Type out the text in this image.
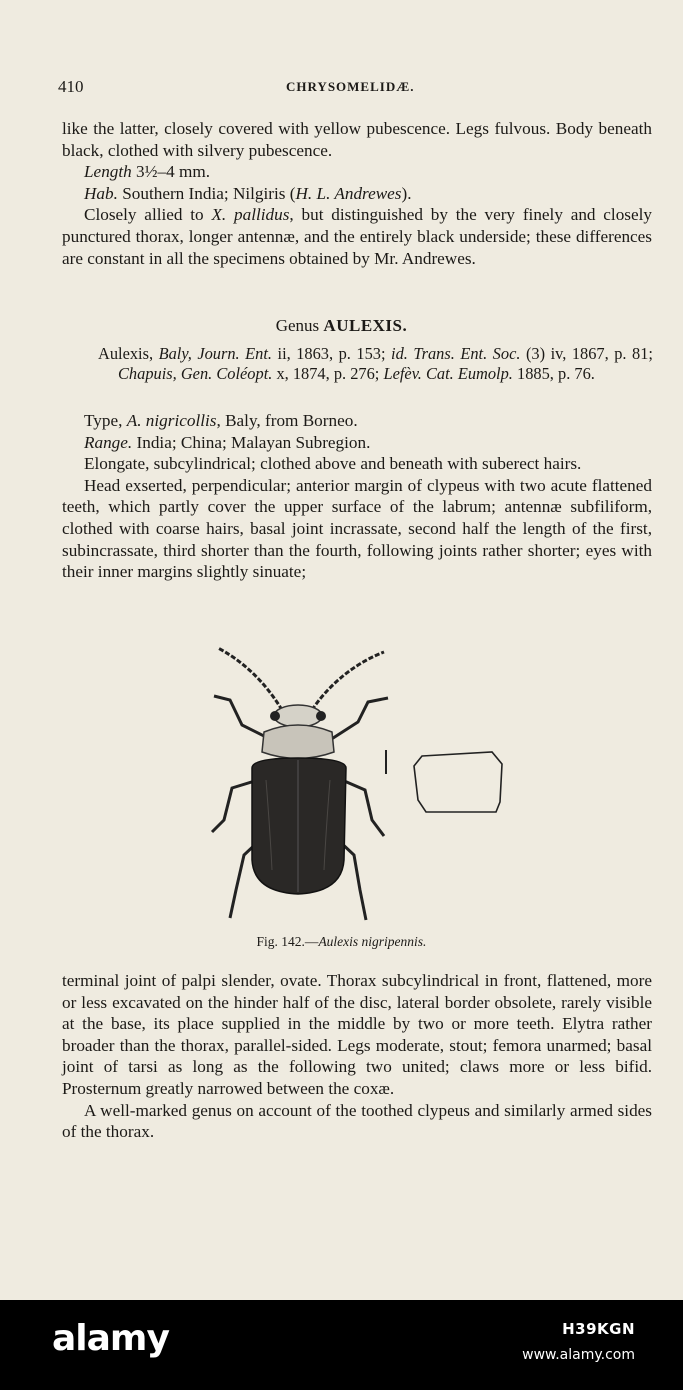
410	CHRYSOMELIDÆ.

like the latter, closely covered with yellow pubescence. Legs fulvous. Body beneath black, clothed with silvery pubescence.

Length 3½–4 mm.

Hab. Southern India; Nilgiris (H. L. Andrewes).

Closely allied to X. pallidus, but distinguished by the very finely and closely punctured thorax, longer antennæ, and the entirely black underside; these differences are constant in all the specimens obtained by Mr. Andrewes.

Genus AULEXIS.

Aulexis, Baly, Journ. Ent. ii, 1863, p. 153; id. Trans. Ent. Soc. (3) iv, 1867, p. 81; Chapuis, Gen. Coléopt. x, 1874, p. 276; Lefèv. Cat. Eumolp. 1885, p. 76.

Type, A. nigricollis, Baly, from Borneo.

Range. India; China; Malayan Subregion.

Elongate, subcylindrical; clothed above and beneath with suberect hairs.

Head exserted, perpendicular; anterior margin of clypeus with two acute flattened teeth, which partly cover the upper surface of the labrum; antennæ subfiliform, clothed with coarse hairs, basal joint incrassate, second half the length of the first, subincrassate, third shorter than the fourth, following joints rather shorter; eyes with their inner margins slightly sinuate;

Fig. 142.—Aulexis nigripennis.

terminal joint of palpi slender, ovate. Thorax subcylindrical in front, flattened, more or less excavated on the hinder half of the disc, lateral border obsolete, rarely visible at the base, its place supplied in the middle by two or more teeth. Elytra rather broader than the thorax, parallel-sided. Legs moderate, stout; femora unarmed; basal joint of tarsi as long as the following two united; claws more or less bifid. Prosternum greatly narrowed between the coxæ.

A well-marked genus on account of the toothed clypeus and similarly armed sides of the thorax.

alamy	H39KGN
www.alamy.com
